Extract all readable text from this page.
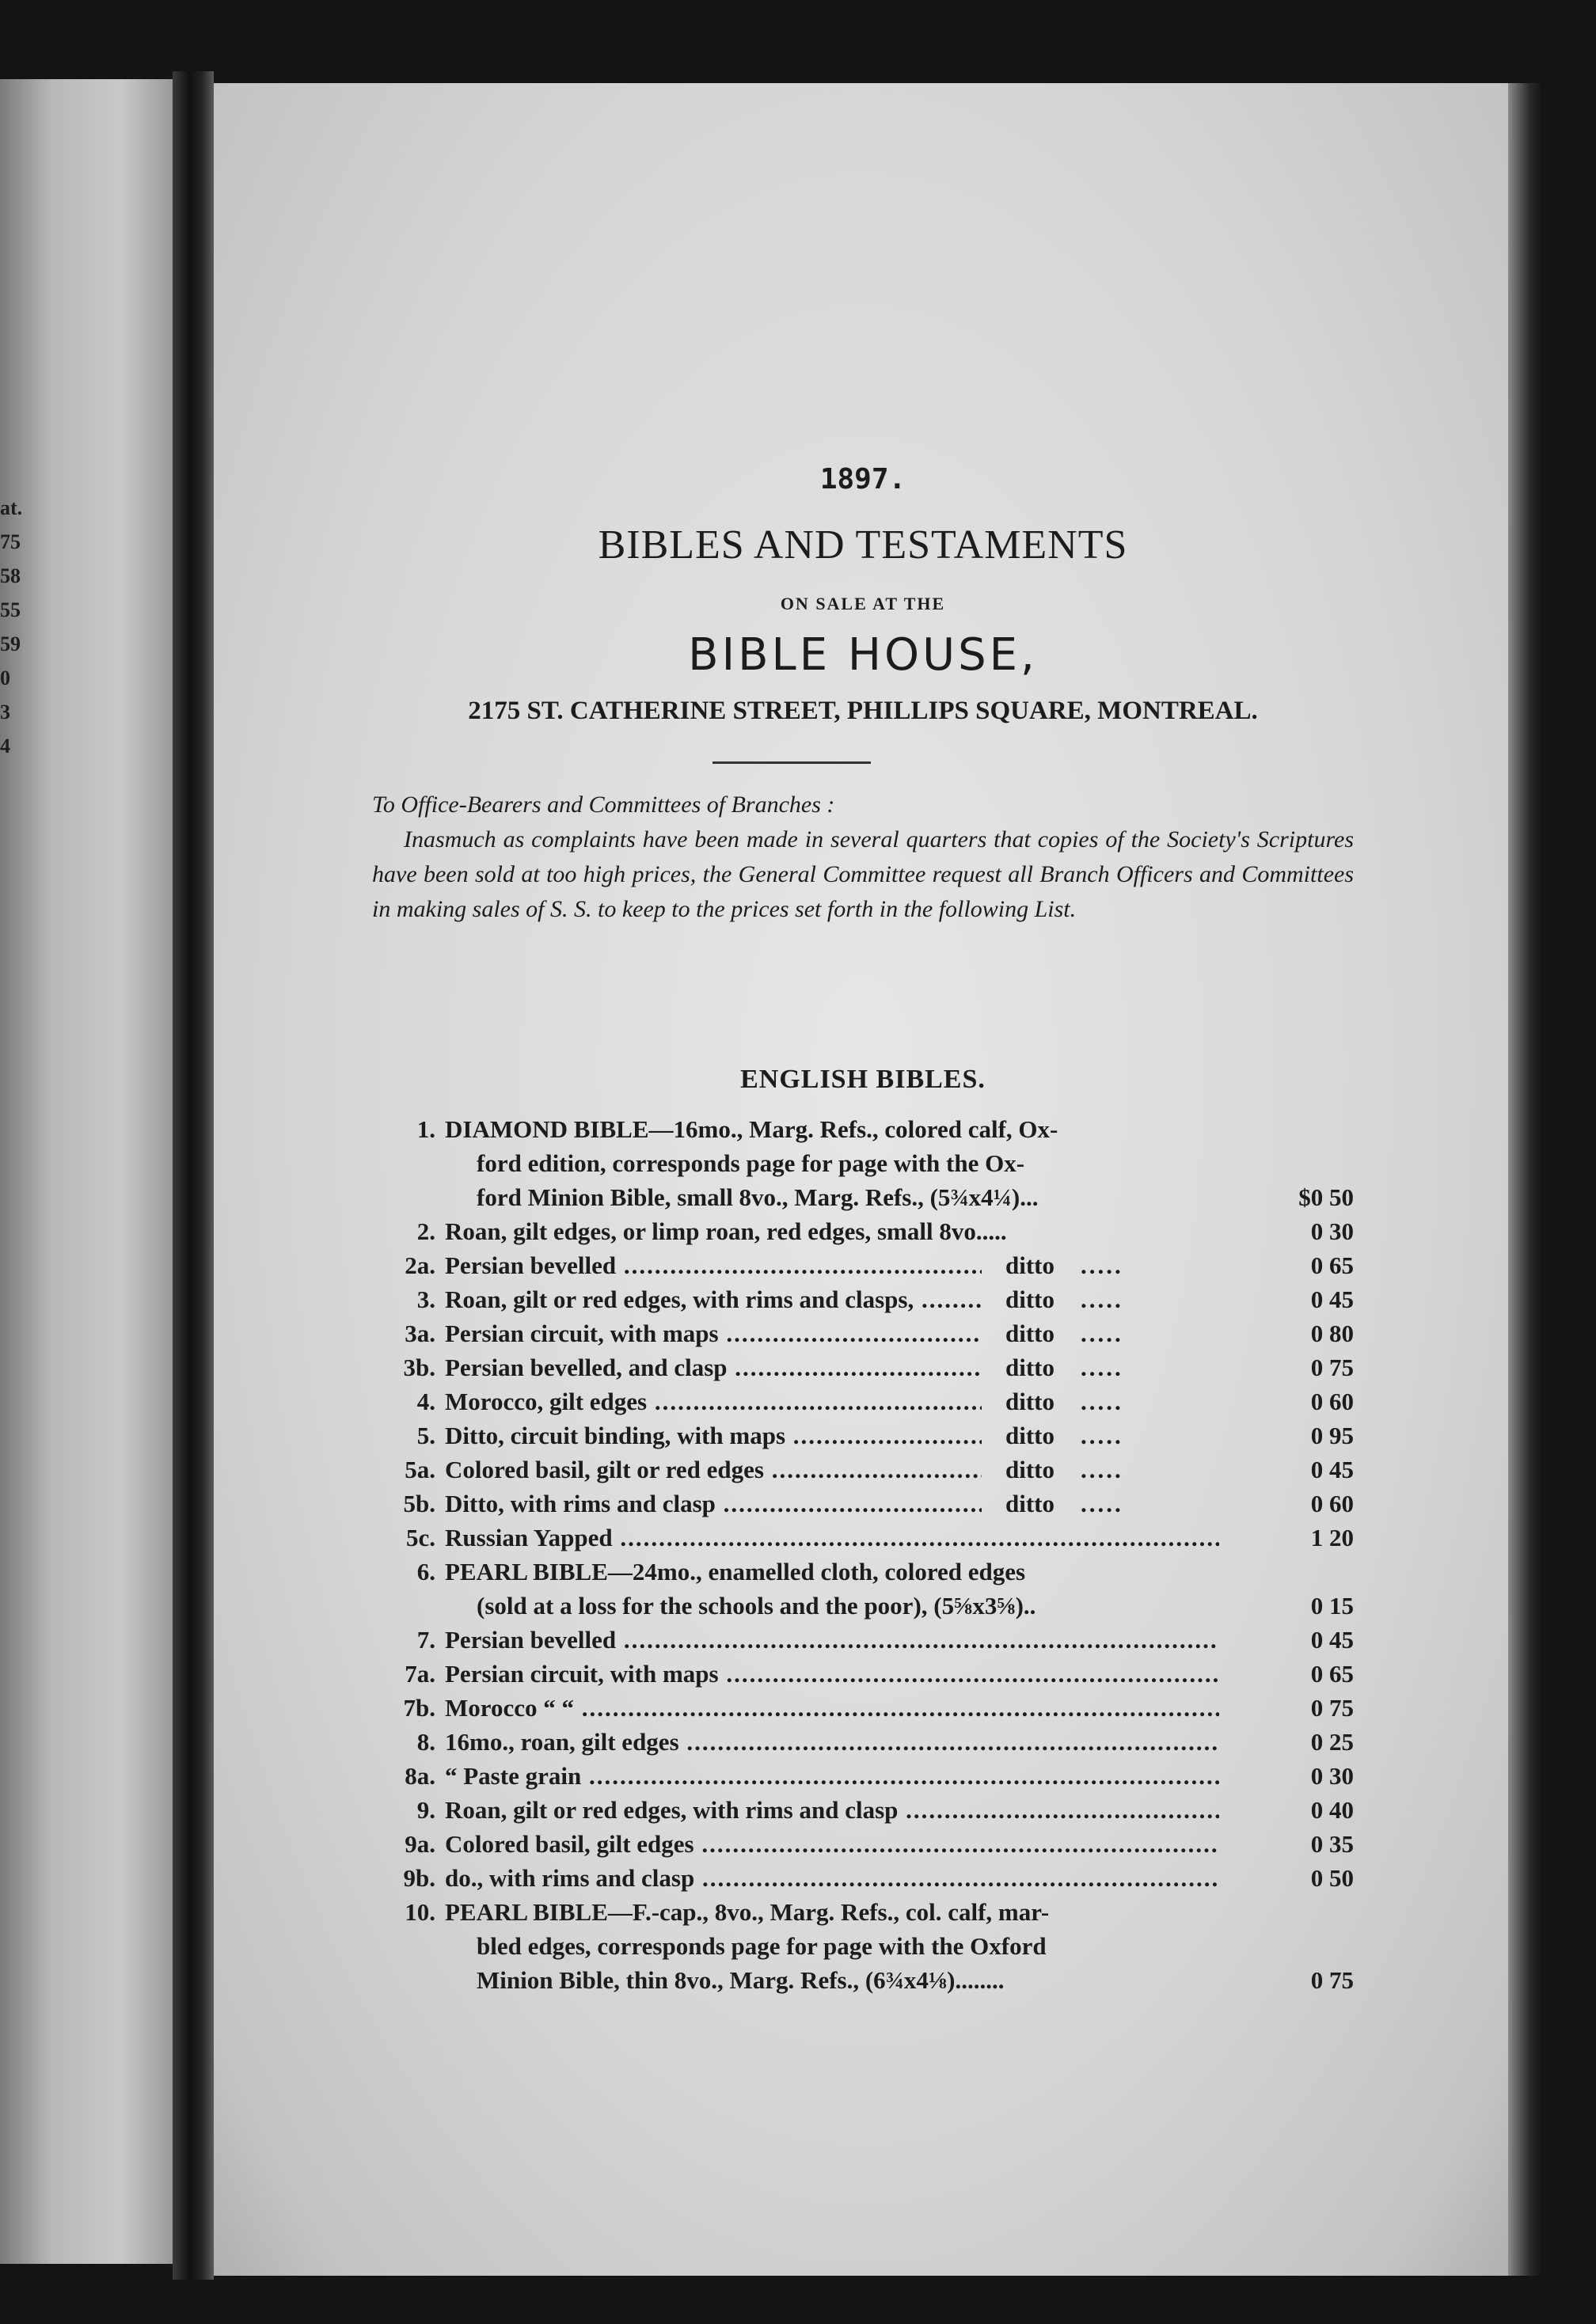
at.
75
58
55
59
0
3
4
1897.
BIBLES AND TESTAMENTS
ON SALE AT THE
BIBLE HOUSE,
2175 ST. CATHERINE STREET, PHILLIPS SQUARE, MONTREAL.
To Office-Bearers and Committees of Branches :
Inasmuch as complaints have been made in several quarters that copies of the Society's Scriptures have been sold at too high prices, the General Committee request all Branch Officers and Committees in making sales of S. S. to keep to the prices set forth in the following List.
ENGLISH BIBLES.
1. DIAMOND BIBLE—16mo., Marg. Refs., colored calf, Ox-
ford edition, corresponds page for page with the Ox-
ford Minion Bible, small 8vo., Marg. Refs., (5¾x4¼)...	$0 50
2. Roan, gilt edges, or limp roan, red edges, small 8vo.....	0 30
2a. Persian bevelled .....	ditto	.....	0 65
3. Roan, gilt or red edges, with rims and clasps, .....	ditto	.....	0 45
3a. Persian circuit, with maps .....	ditto	.....	0 80
3b. Persian bevelled, and clasp .....	ditto	.....	0 75
4. Morocco, gilt edges .....	ditto	.....	0 60
5. Ditto, circuit binding, with maps .....	ditto	.....	0 95
5a. Colored basil, gilt or red edges .....	ditto	.....	0 45
5b. Ditto, with rims and clasp .....	ditto	.....	0 60
5c. Russian Yapped .....	1 20
6. PEARL BIBLE—24mo., enamelled cloth, colored edges
(sold at a loss for the schools and the poor), (5⅝x3⅝)..	0 15
7. Persian bevelled .....	0 45
7a. Persian circuit, with maps .....	0 65
7b. Morocco “ “ .....	0 75
8. 16mo., roan, gilt edges .....	0 25
8a. “ Paste grain .....	0 30
9. Roan, gilt or red edges, with rims and clasp .....	0 40
9a. Colored basil, gilt edges .....	0 35
9b. do., with rims and clasp .....	0 50
10. PEARL BIBLE—F.-cap., 8vo., Marg. Refs., col. calf, mar-
bled edges, corresponds page for page with the Oxford
Minion Bible, thin 8vo., Marg. Refs., (6¾x4⅛)........	0 75
